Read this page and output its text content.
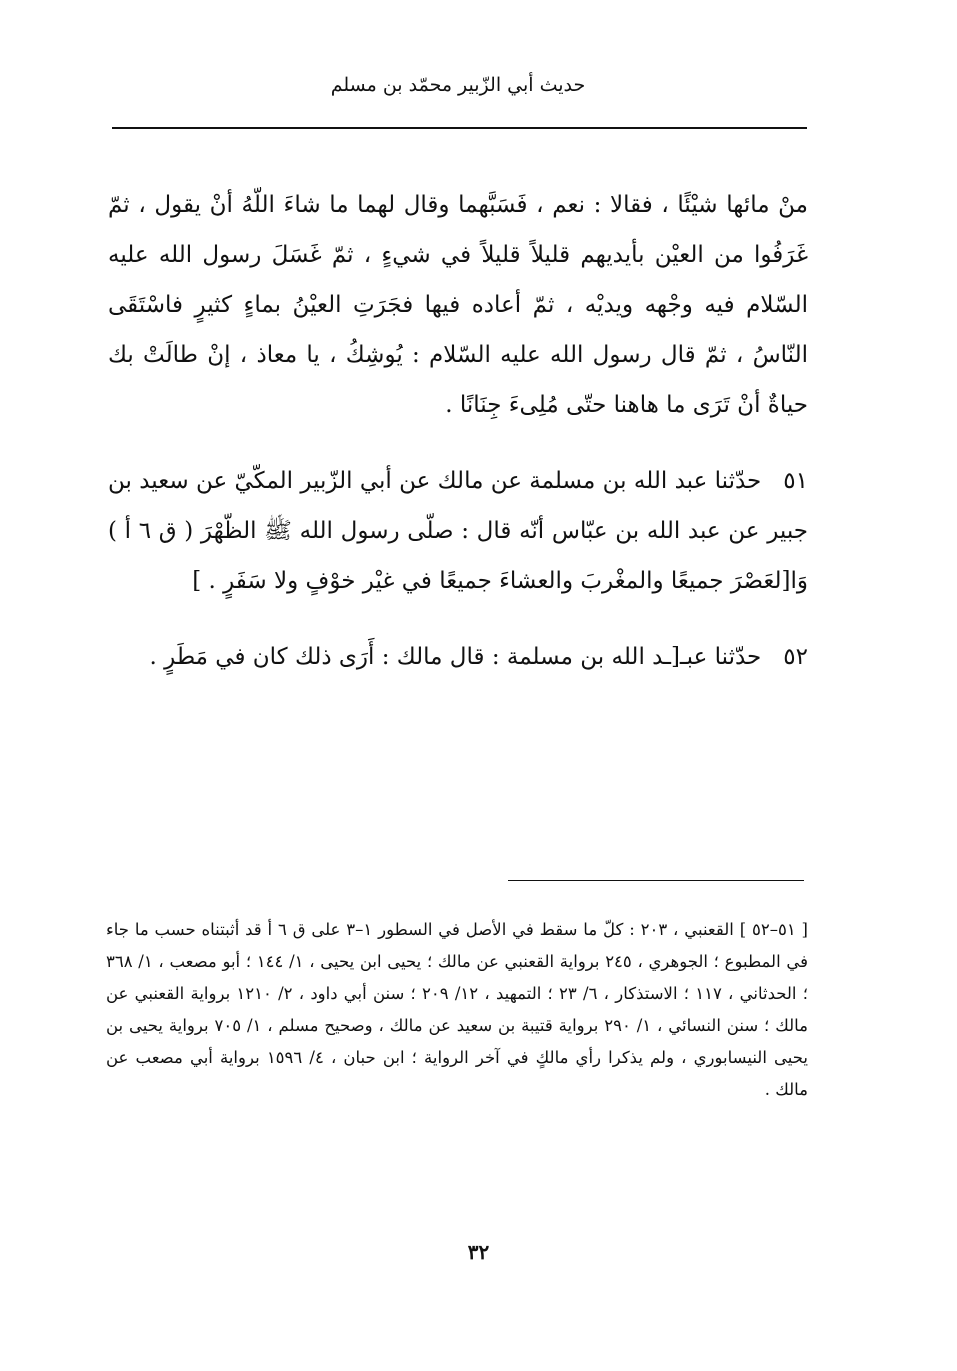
حديث أبي الزّبير محمّد بن مسلم

منْ مائها شيْئًا ، فقالا : نعم ، فَسَبَّهما وقال لهما ما شاءَ اللّهُ أنْ يقول ، ثمّ غَرَفُوا من العيْن بأيديهم قليلاً قليلاً في شيءٍ ، ثمّ غَسَلَ رسول الله عليه السّلام فيه وجْهه ويديْه ، ثمّ أعاده فيها فجَرَتِ العيْنُ بماءٍ كثيرٍ فاسْتَقَى النّاسُ ، ثمّ قال رسول الله عليه السّلام : يُوشِكُ ، يا معاذ ، إنْ طالَتْ بك حياةٌ أنْ تَرَى ما هاهنا حتّى مُلِىءَ جِنَانًا .

٥١حدّثنا عبد الله بن مسلمة عن مالك عن أبي الزّبير المكّيّ عن سعيد بن جبير عن عبد الله بن عبّاس أنّه قال : صلّى رسول الله ﷺ الظّهْرَ ( ق ٦ أ ) وَا[لعَصْرَ جميعًا والمغْربَ والعشاءَ جميعًا في غيْر خوْفٍ ولا سَفَرٍ . ]

٥٢حدّثنا عبـ[ـد الله بن مسلمة : قال مالك : أَرَى ذلك كان في مَطَرٍ .

[ ٥١–٥٢ ] القعنبي ، ٢٠٣ : كلّ ما سقط في الأصل في السطور ١–٣ على ق ٦ أ قد أثبتناه حسب ما جاء في المطبوع ؛ الجوهري ، ٢٤٥ برواية القعنبي عن مالك ؛ يحيى ابن يحيى ، ١/ ١٤٤ ؛ أبو مصعب ، ١/ ٣٦٨ ؛ الحدثاني ، ١١٧ ؛ الاستذكار ، ٦/ ٢٣ ؛ التمهيد ، ١٢/ ٢٠٩ ؛ سنن أبي داود ، ٢/ ١٢١٠ برواية القعنبي عن مالك ؛ سنن النسائي ، ١/ ٢٩٠ برواية قتيبة بن سعيد عن مالك ، وصحيح مسلم ، ١/ ٧٠٥ برواية يحيى بن يحيى النيسابوري ، ولم يذكرا رأي مالكٍ في آخر الرواية ؛ ابن حبان ، ٤/ ١٥٩٦ برواية أبي مصعب عن مالك .
٣٢
